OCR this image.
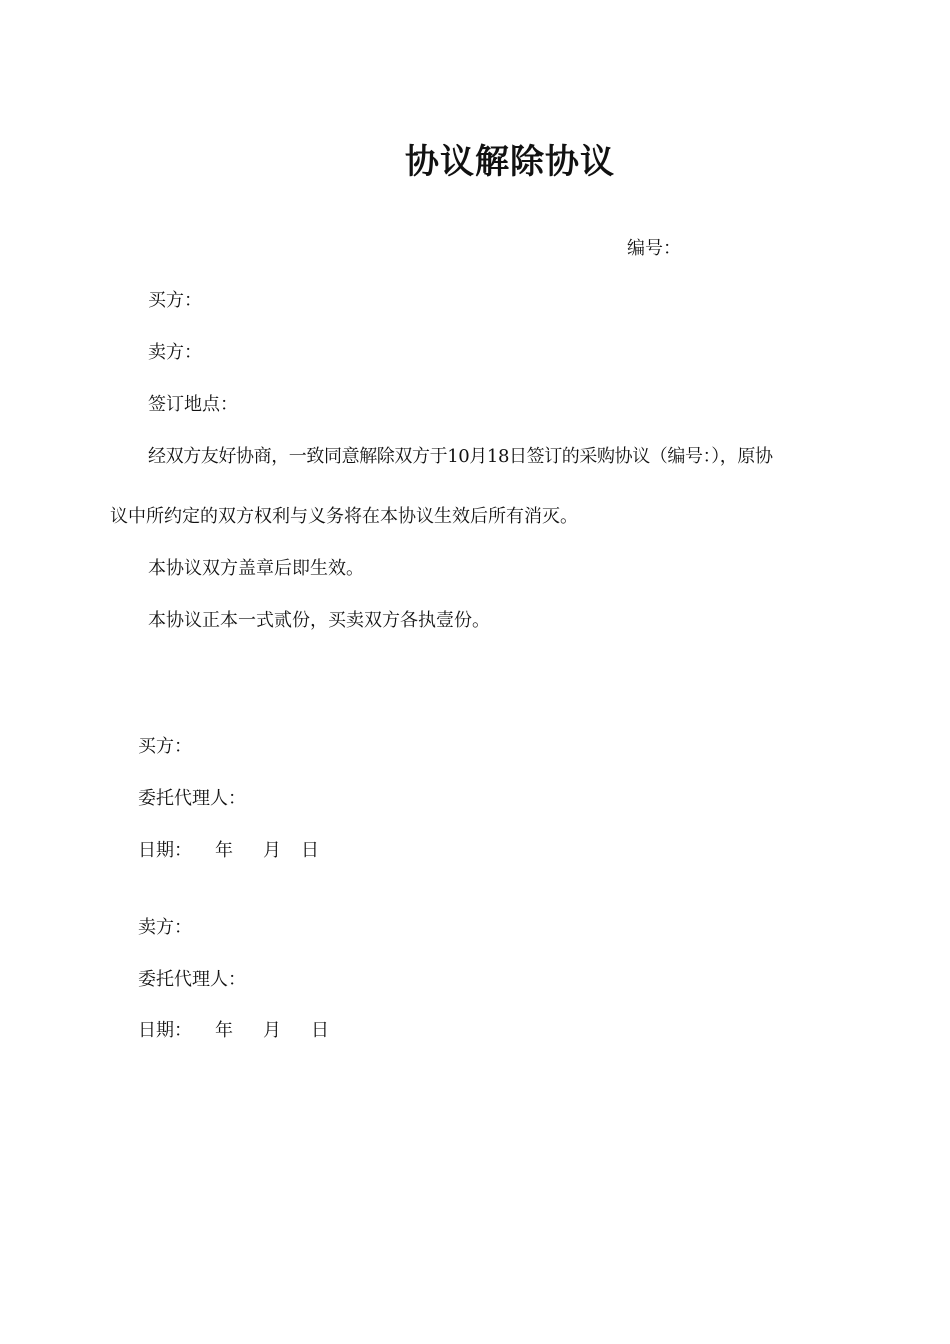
协议解除协议
编号：
买方：
卖方：
签订地点：
经双方友好协商，一致同意解除双方于10月18日签订的采购协议（编号：），原协
议中所约定的双方权利与义务将在本协议生效后所有消灭。
本协议双方盖章后即生效。
本协议正本一式贰份，买卖双方各执壹份。
买方：
委托代理人：
日期： 年 月 日
卖方：
委托代理人：
日期： 年 月 日
